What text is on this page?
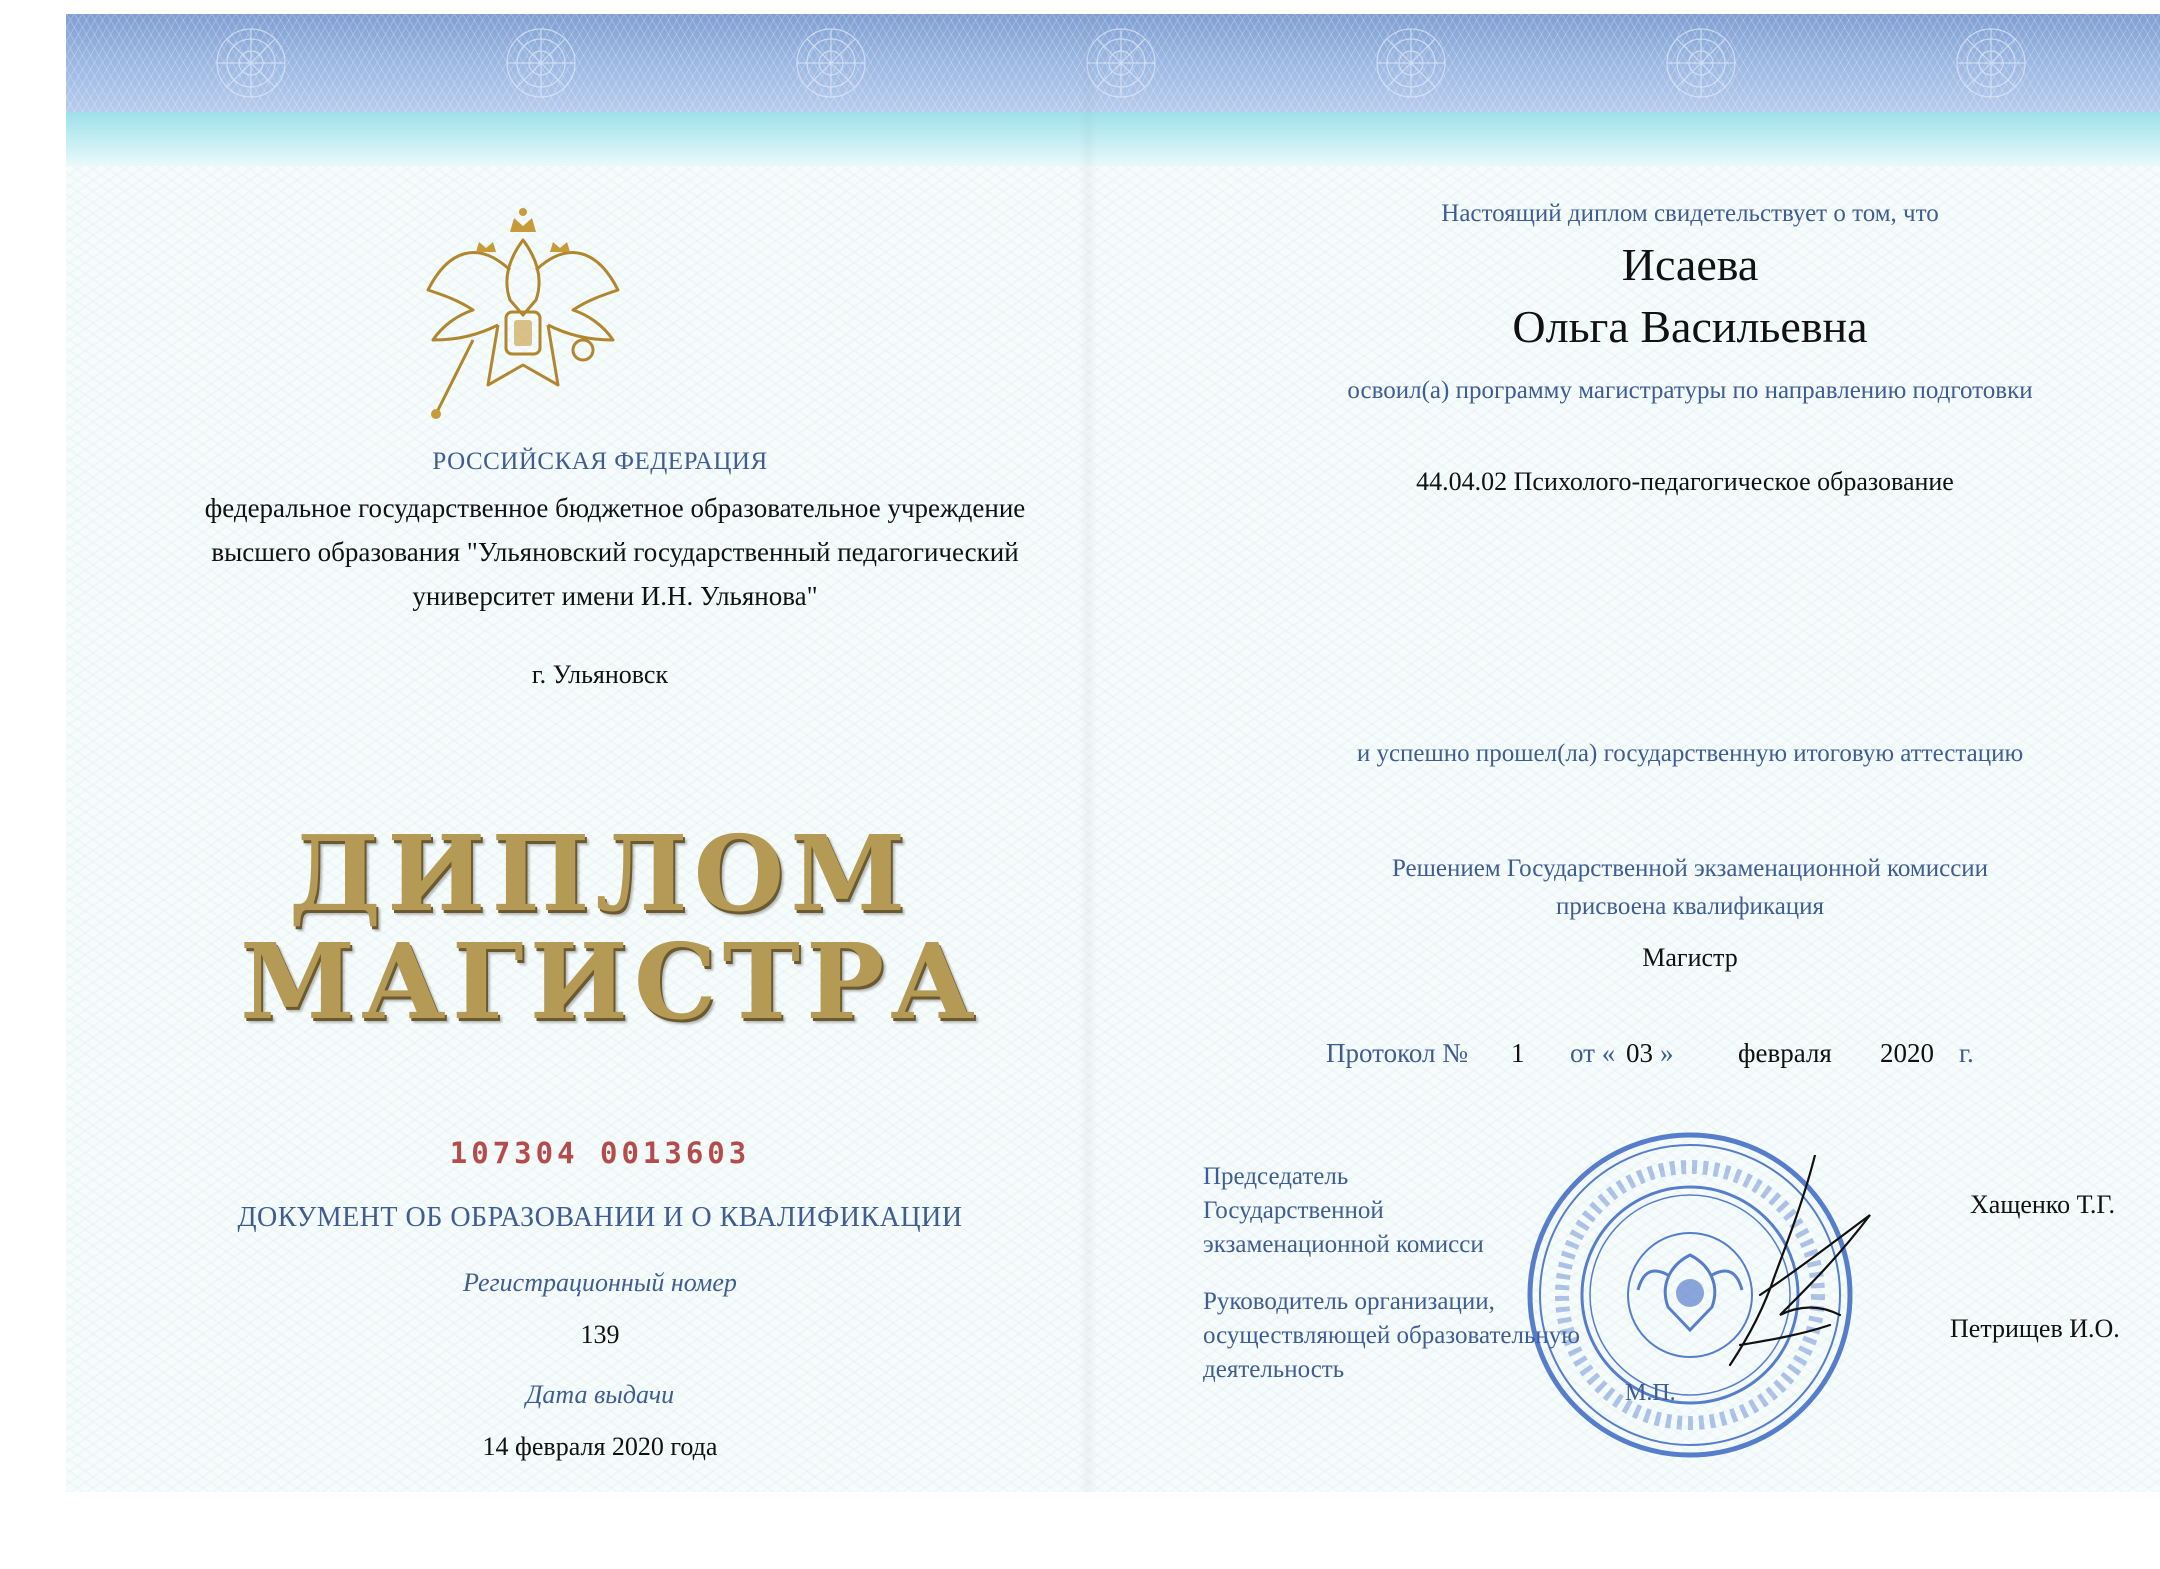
РОССИЙСКАЯ ФЕДЕРАЦИЯ
федеральное государственное бюджетное образовательное учреждение
высшего образования "Ульяновский государственный педагогический
университет имени И.Н. Ульянова"
г. Ульяновск
ДИПЛОМ
МАГИСТРА
107304 0013603
ДОКУМЕНТ ОБ ОБРАЗОВАНИИ И О КВАЛИФИКАЦИИ
Регистрационный номер
139
Дата выдачи
14 февраля 2020 года
Настоящий диплом свидетельствует о том, что
Исаева
Ольга Васильевна
освоил(а) программу магистратуры по направлению подготовки
44.04.02 Психолого-педагогическое образование
и успешно прошел(ла) государственную итоговую аттестацию
Решением Государственной экзаменационной комиссии
присвоена квалификация
Магистр
Протокол № 1 от « 03 » февраля 2020 г.
Председатель
Государственной
экзаменационной комисси
Хащенко Т.Г.
Руководитель организации,
осуществляющей образовательную
деятельность
Петрищев И.О.
М.П.
